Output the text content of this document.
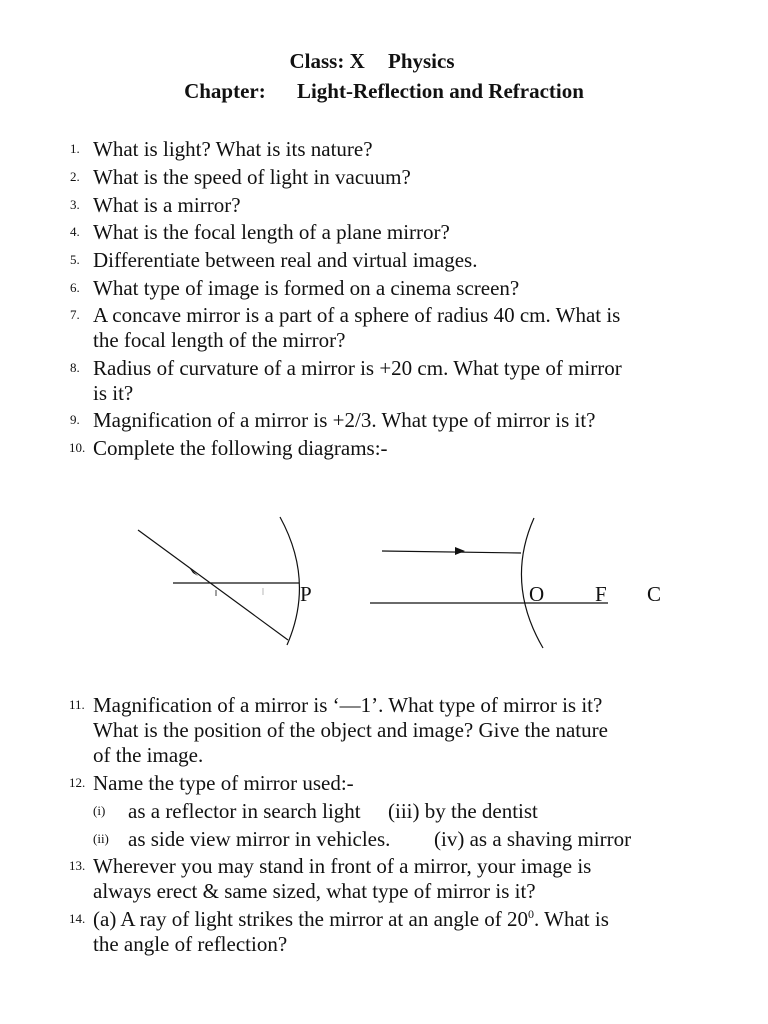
Class: X Physics
Chapter: Light-Reflection and Refraction
1. What is light? What is its nature?
2. What is the speed of light in vacuum?
3. What is a mirror?
4. What is the focal length of a plane mirror?
5. Differentiate between real and virtual images.
6. What type of image is formed on a cinema screen?
7. A concave mirror is a part of a sphere of radius 40 cm. What is
the focal length of the mirror?
8. Radius of curvature of a mirror is +20 cm. What type of mirror
is it?
9. Magnification of a mirror is +2/3. What type of mirror is it?
10. Complete the following diagrams:-
P	O F C
11. Magnification of a mirror is ‘—1’. What type of mirror is it?
What is the position of the object and image? Give the nature
of the image.
12. Name the type of mirror used:-
(i) as a reflector in search light (iii) by the dentist
(ii) as side view mirror in vehicles. (iv) as a shaving mirror
13. Wherever you may stand in front of a mirror, your image is
always erect & same sized, what type of mirror is it?
14. (a) A ray of light strikes the mirror at an angle of $20^0$. What is
the angle of reflection?
